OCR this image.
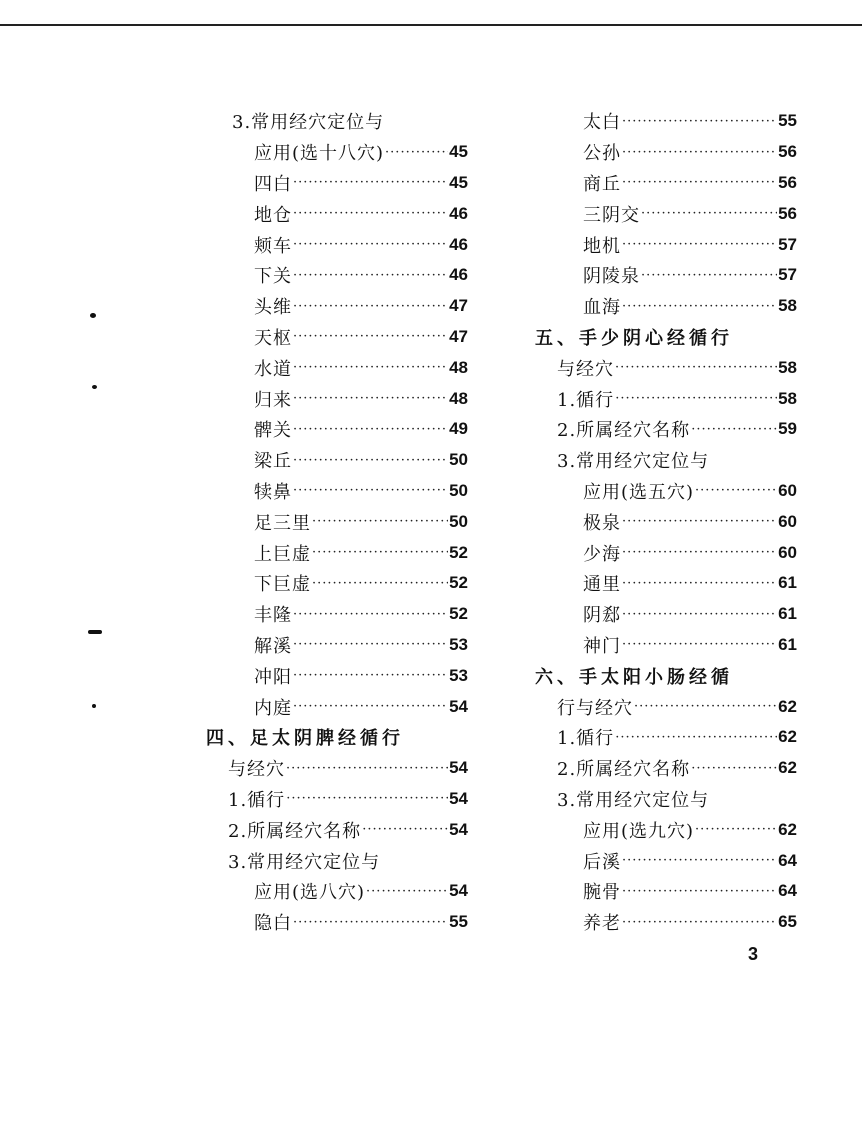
3.常用经穴定位与
应用(选十八穴) ·····	45
四白 ·····	45
地仓 ·····	46
颊车 ·····	46
下关 ·····	46
头维 ·····	47
天枢 ·····	47
水道 ·····	48
归来 ·····	48
髀关 ·····	49
梁丘 ·····	50
犊鼻 ·····	50
足三里 ·····	50
上巨虚 ·····	52
下巨虚 ·····	52
丰隆 ·····	52
解溪 ·····	53
冲阳 ·····	53
内庭 ·····	54
四、足太阴脾经循行
与经穴 ·····	54
1.循行 ·····	54
2.所属经穴名称 ·····	54
3.常用经穴定位与
应用(选八穴) ·····	54
隐白 ·····	55
太白 ·····	55
公孙 ·····	56
商丘 ·····	56
三阴交 ·····	56
地机 ·····	57
阴陵泉 ·····	57
血海 ·····	58
五、手少阴心经循行
与经穴 ·····	58
1.循行 ·····	58
2.所属经穴名称 ·····	59
3.常用经穴定位与
应用(选五穴) ·····	60
极泉 ·····	60
少海 ·····	60
通里 ·····	61
阴郄 ·····	61
神门 ·····	61
六、手太阳小肠经循
行与经穴 ·····	62
1.循行 ·····	62
2.所属经穴名称 ·····	62
3.常用经穴定位与
应用(选九穴) ·····	62
后溪 ·····	64
腕骨 ·····	64
养老 ·····	65
3
